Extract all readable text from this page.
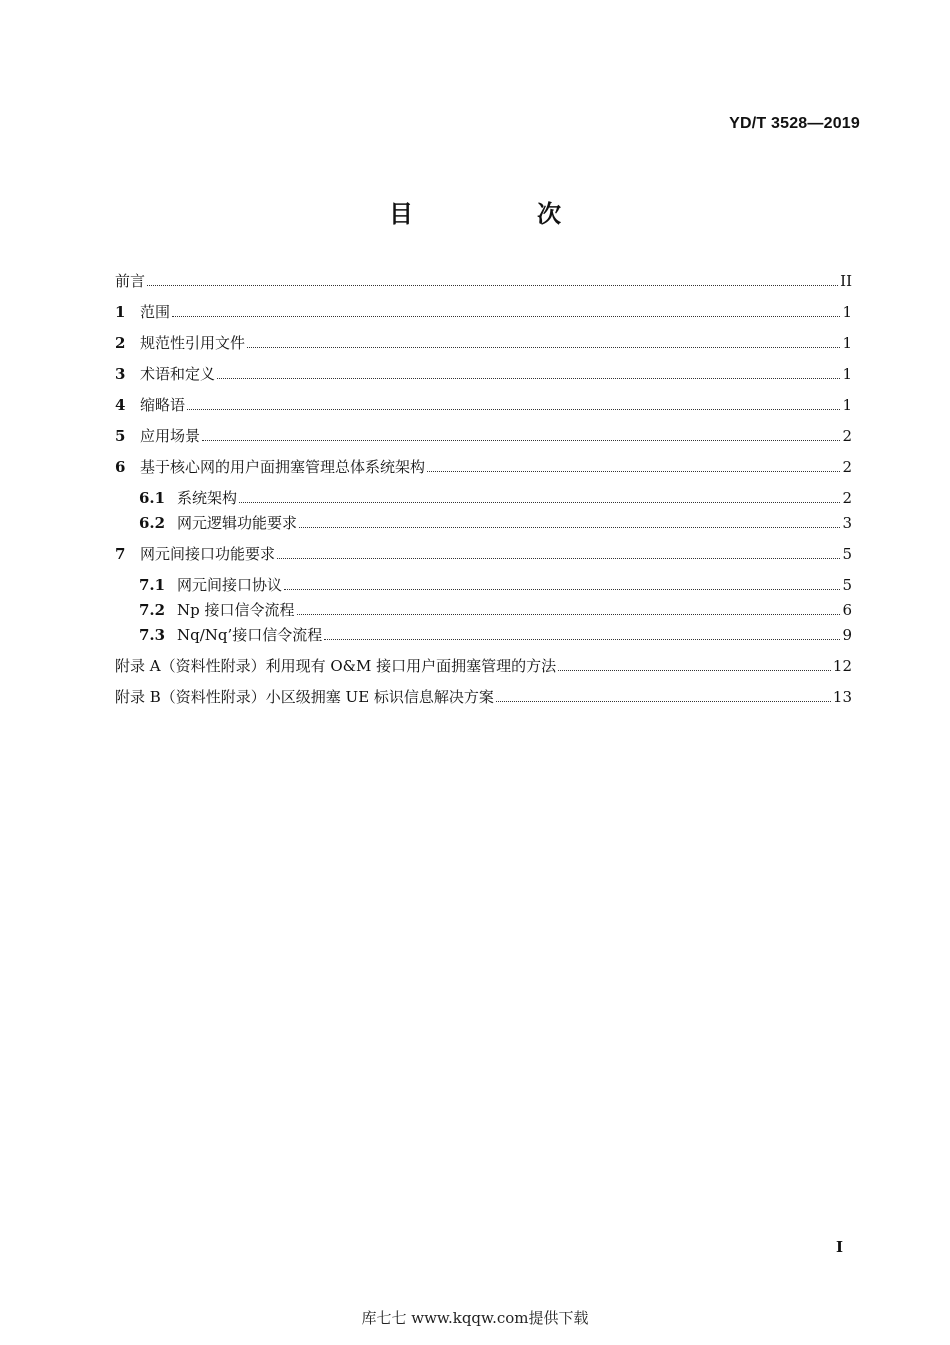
YD/T 3528—2019
目　次
前言	II
1 范围	1
2 规范性引用文件	1
3 术语和定义	1
4 缩略语	1
5 应用场景	2
6 基于核心网的用户面拥塞管理总体系统架构	2
6.1 系统架构	2
6.2 网元逻辑功能要求	3
7 网元间接口功能要求	5
7.1 网元间接口协议	5
7.2 Np 接口信令流程	6
7.3 Nq/Nq’接口信令流程	9
附录 A（资料性附录）利用现有 O&M 接口用户面拥塞管理的方法	12
附录 B（资料性附录）小区级拥塞 UE 标识信息解决方案	13
I
库七七 www.kqqw.com提供下载
